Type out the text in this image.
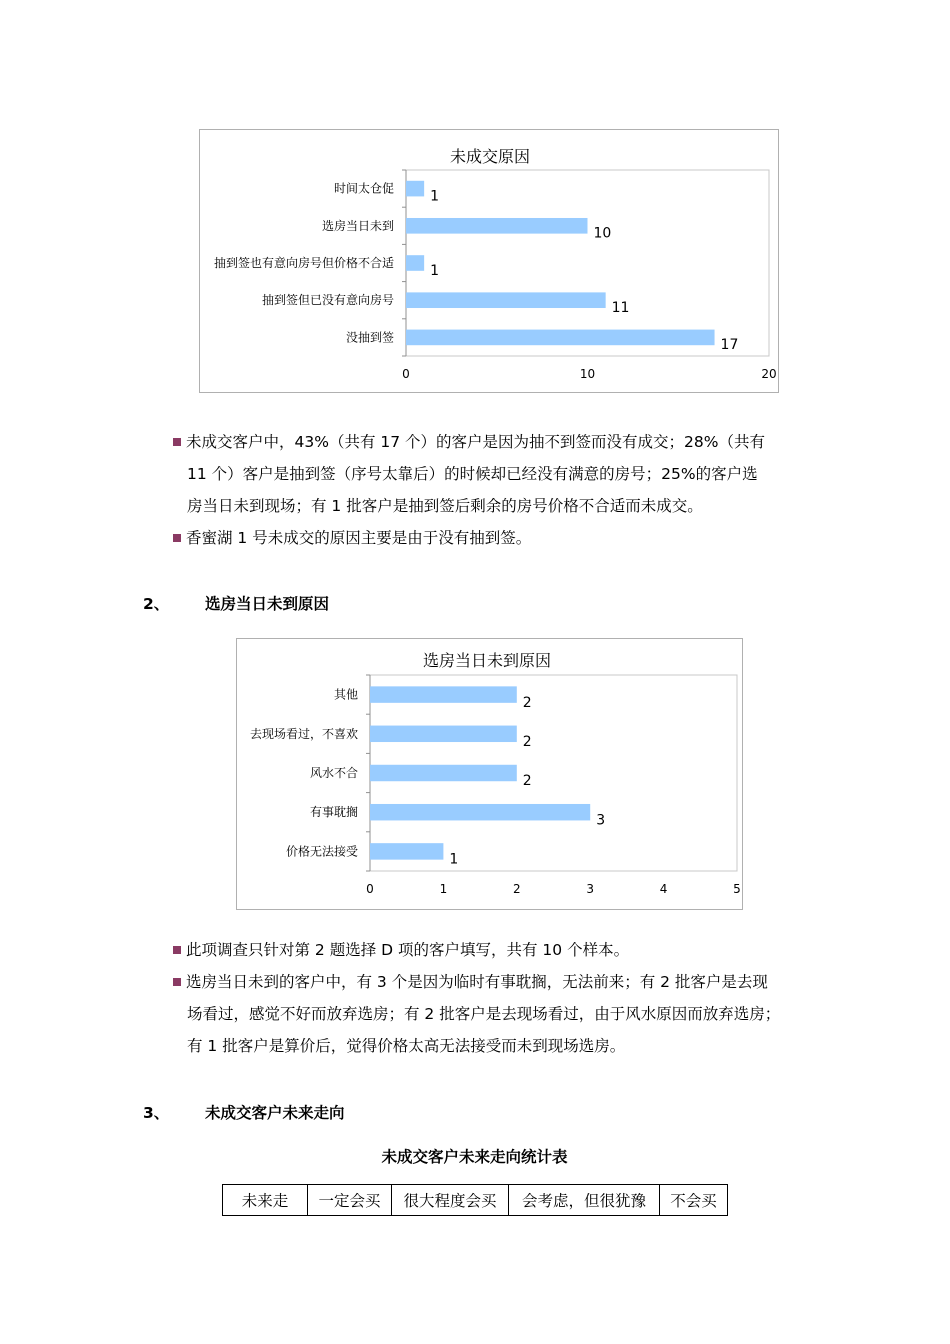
未成交原因
时间太仓促	1
选房当日未到	10
抽到签也有意向房号但价格不合适	1
抽到签但已没有意向房号	11
没抽到签	17
0	10	20
未成交客户中，43%（共有 17 个）的客户是因为抽不到签而没有成交；28%（共有
11 个）客户是抽到签（序号太靠后）的时候却已经没有满意的房号；25%的客户选
房当日未到现场；有 1 批客户是抽到签后剩余的房号价格不合适而未成交。
香蜜湖 1 号未成交的原因主要是由于没有抽到签。
2、 选房当日未到原因
选房当日未到原因
其他
2
去现场看过，不喜欢
2
风水不合
2
有事耽搁
3
价格无法接受
1
0	1	2	3	4	5
此项调查只针对第 2 题选择 D 项的客户填写，共有 10 个样本。
选房当日未到的客户中，有 3 个是因为临时有事耽搁，无法前来；有 2 批客户是去现
场看过，感觉不好而放弃选房；有 2 批客户是去现场看过，由于风水原因而放弃选房；
有 1 批客户是算价后，觉得价格太高无法接受而未到现场选房。
3、 未成交客户未来走向
未成交客户未来走向统计表
未来走	一定会买	很大程度会买	会考虑，但很犹豫	不会买
